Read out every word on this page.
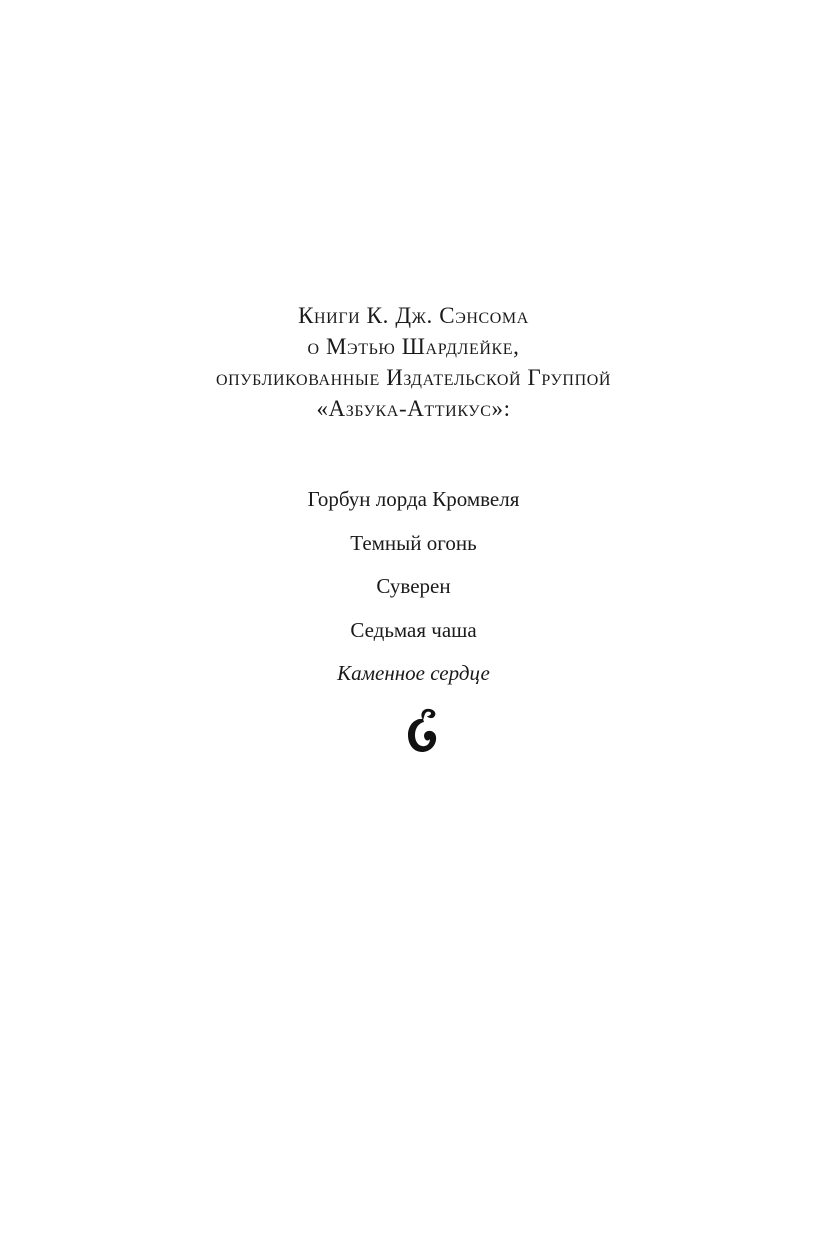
Книги К. Дж. Сэнсома
о Мэтью Шардлейке,
опубликованные Издательской Группой
«Азбука-Аттикус»:
Горбун лорда Кромвеля
Темный огонь
Суверен
Седьмая чаша
Каменное сердце
